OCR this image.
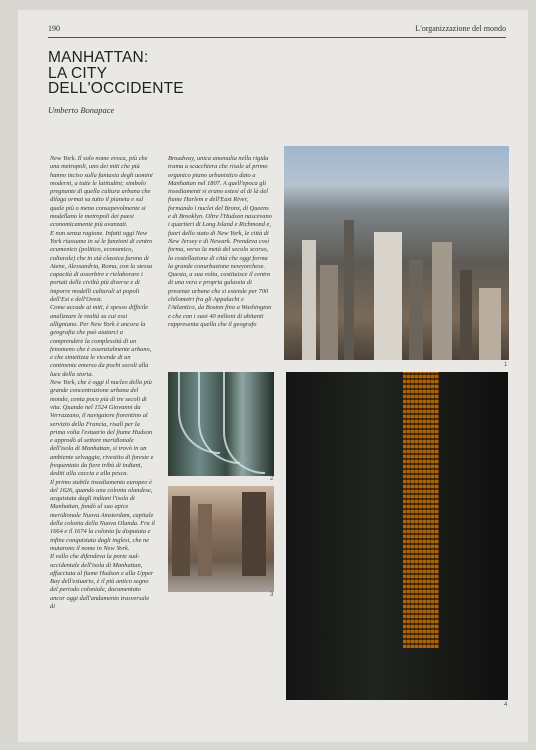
190	L'organizzazione del mondo
MANHATTAN:
LA CITY
DELL'OCCIDENTE
Umberto Bonapace

New York. Il solo nome evoca, più che una metropoli, uno dei miti che più hanno inciso sulla fantasia degli uomini moderni, a tutte le latitudini; simbolo pregnante di quella cultura urbana che dilaga ormai su tutto il pianeta e sul quale più o meno consapevolmente si modellano le metropoli dei paesi economicamente più avanzati.

E non senza ragione. Infatti oggi New York riassume in sé le funzioni di centro ecumenico (politico, economico, culturale) che in età classica furono di Atene, Alessandria, Roma, con la stessa capacità di assorbire e rielaborare i portati delle civiltà più diverse e di imporre modelli culturali ai popoli dell'Est e dell'Ovest.

Come accade ai miti, è spesso difficile analizzare le realtà su cui essi alligniano. Per New York è ancora la geografia che può aiutarci a comprendere la complessità di un fenomeno che è essenzialmente urbano, e che sintetizza le vicende di un continente emerso da pochi secoli alla luce della storia.

New York, che è oggi il nucleo della più grande concentrazione urbana del mondo, conta poco più di tre secoli di vita. Quando nel 1524 Giovanni da Verrazzano, il navigatore fiorentino al servizio della Francia, risalì per la prima volta l'estuario del fiume Hudson e approdò al settore meridionale dell'isola di Manhattan, si trovò in un ambiente selvaggio, rivestito di foreste e frequentato da fiere tribù di indiani, dediti alla caccia e alla pesca.

Il primo stabile insediamento europeo è del 1626, quando una colonia olandese, acquistata dagli indiani l'isola di Manhattan, fondò al suo apice meridionale Nuova Amsterdam, capitale della colonia della Nuova Olanda. Fra il 1664 e il 1674 la colonia fu disputata e infine conquistata dagli inglesi, che ne mutarono il nome in New York.

Il vallo che difendeva la porte sud-occidentale dell'isola di Manhattan, affacciata al fiume Hudson e alla Upper Bay dell'estuario, è il più antico segno del periodo coloniale, documentato ancor oggi dall'andamento trasversale di

Broadway, unica anomalia nella rigida trama a scacchiera che risale al primo organico piano urbanistico dato a Manhattan nel 1807. A quell'epoca gli insediamenti si erano estesi al di là del fiume Harlem e dell'East River, formando i nuclei del Bronx, di Queens e di Brooklyn. Oltre l'Hudson nascevano i quartieri di Long Island e Richmond e, fuori dello stato di New York, le città di New Jersey e di Newark. Prendeva così forma, verso la metà del secolo scorso, la costellazione di città che oggi forma la grande conurbazione newyorchese. Questa, a sua volta, costituisce il centro di una vera e propria galassia di presenze urbane che si estende per 700 chilometri fra gli Appalachi e l'Atlantico, da Boston fino a Washington e che con i suoi 40 milioni di abitanti rappresenta quella che il geografo

1
2
3
4
